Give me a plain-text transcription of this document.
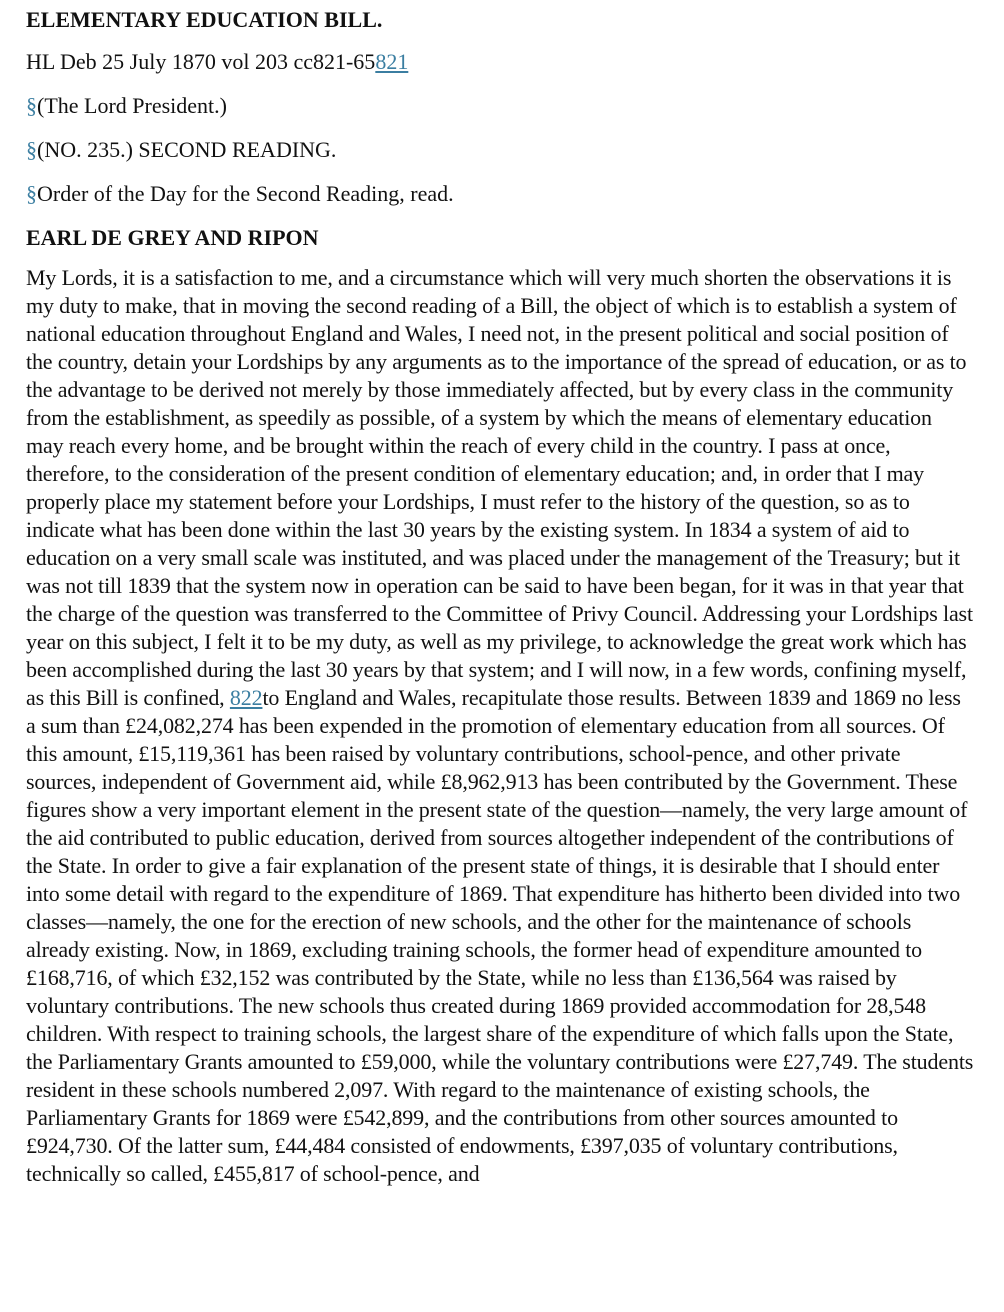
ELEMENTARY EDUCATION BILL.

HL Deb 25 July 1870 vol 203 cc821-65821

§(The Lord President.)

§(NO. 235.) SECOND READING.

§Order of the Day for the Second Reading, read.

EARL DE GREY AND RIPON

My Lords, it is a satisfaction to me, and a circumstance which will very much shorten the observations it is my duty to make, that in moving the second reading of a Bill, the object of which is to establish a system of national education throughout England and Wales, I need not, in the present political and social position of the country, detain your Lordships by any arguments as to the importance of the spread of education, or as to the advantage to be derived not merely by those immediately affected, but by every class in the community from the establishment, as speedily as possible, of a system by which the means of elementary education may reach every home, and be brought within the reach of every child in the country. I pass at once, therefore, to the consideration of the present condition of elementary education; and, in order that I may properly place my statement before your Lordships, I must refer to the history of the question, so as to indicate what has been done within the last 30 years by the existing system. In 1834 a system of aid to education on a very small scale was instituted, and was placed under the management of the Treasury; but it was not till 1839 that the system now in operation can be said to have been began, for it was in that year that the charge of the question was transferred to the Committee of Privy Council. Addressing your Lordships last year on this subject, I felt it to be my duty, as well as my privilege, to acknowledge the great work which has been accomplished during the last 30 years by that system; and I will now, in a few words, confining myself, as this Bill is confined, 822to England and Wales, recapitulate those results. Between 1839 and 1869 no less a sum than £24,082,274 has been expended in the promotion of elementary education from all sources. Of this amount, £15,119,361 has been raised by voluntary contributions, school-pence, and other private sources, independent of Government aid, while £8,962,913 has been contributed by the Government. These figures show a very important element in the present state of the question—namely, the very large amount of the aid contributed to public education, derived from sources altogether independent of the contributions of the State. In order to give a fair explanation of the present state of things, it is desirable that I should enter into some detail with regard to the expenditure of 1869. That expenditure has hitherto been divided into two classes—namely, the one for the erection of new schools, and the other for the maintenance of schools already existing. Now, in 1869, excluding training schools, the former head of expenditure amounted to £168,716, of which £32,152 was contributed by the State, while no less than £136,564 was raised by voluntary contributions. The new schools thus created during 1869 provided accommodation for 28,548 children. With respect to training schools, the largest share of the expenditure of which falls upon the State, the Parliamentary Grants amounted to £59,000, while the voluntary contributions were £27,749. The students resident in these schools numbered 2,097. With regard to the maintenance of existing schools, the Parliamentary Grants for 1869 were £542,899, and the contributions from other sources amounted to £924,730. Of the latter sum, £44,484 consisted of endowments, £397,035 of voluntary contributions, technically so called, £455,817 of school-pence, and
